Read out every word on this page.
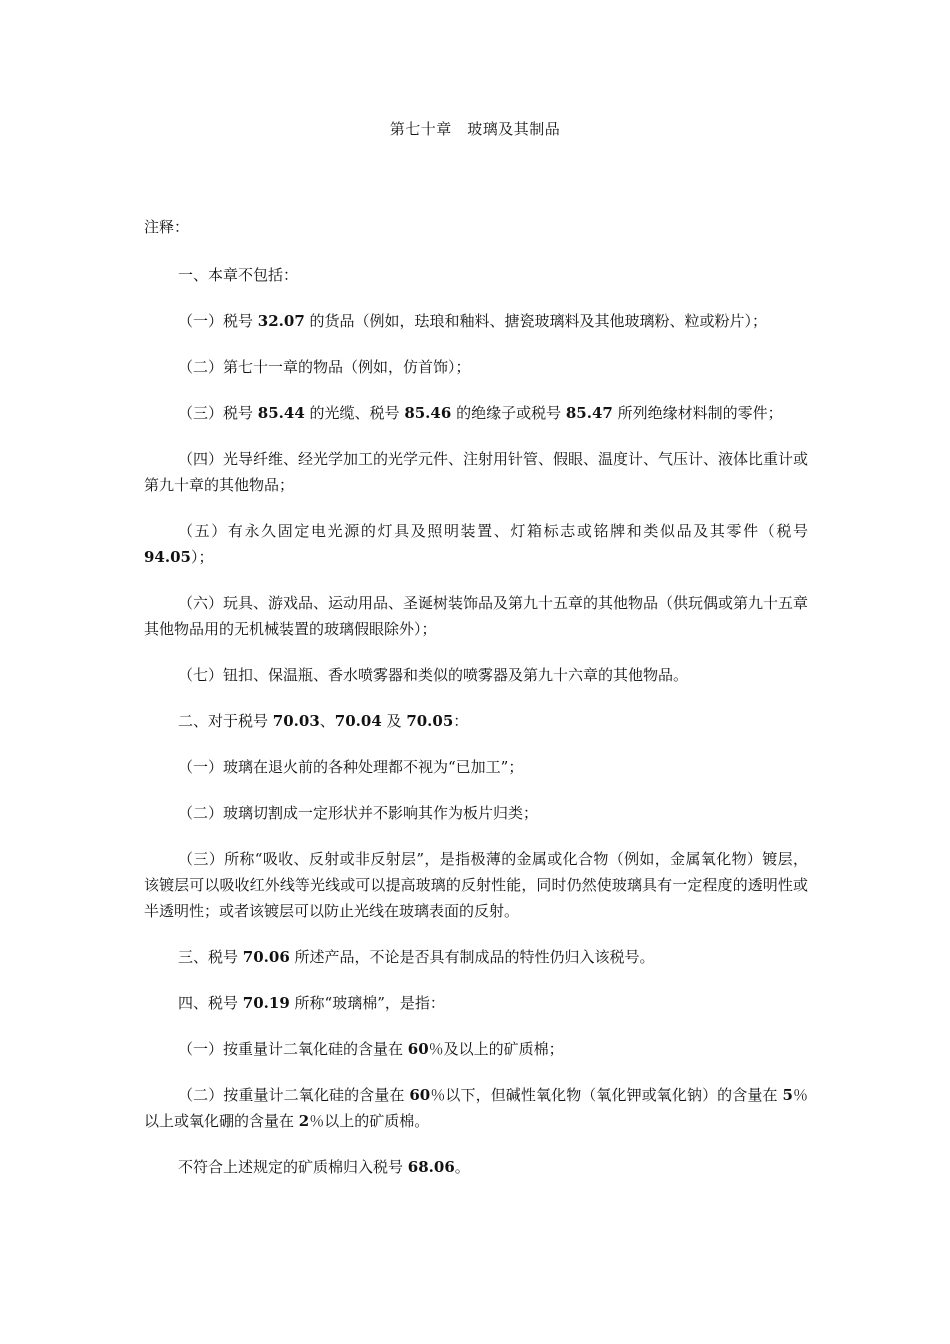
第七十章　玻璃及其制品

注释：

一、本章不包括：

（一）税号 32.07 的货品（例如，珐琅和釉料、搪瓷玻璃料及其他玻璃粉、粒或粉片）；

（二）第七十一章的物品（例如，仿首饰）；

（三）税号 85.44 的光缆、税号 85.46 的绝缘子或税号 85.47 所列绝缘材料制的零件；

（四）光导纤维、经光学加工的光学元件、注射用针管、假眼、温度计、气压计、液体比重计或第九十章的其他物品；

（五）有永久固定电光源的灯具及照明装置、灯箱标志或铭牌和类似品及其零件（税号 94.05）；

（六）玩具、游戏品、运动用品、圣诞树装饰品及第九十五章的其他物品（供玩偶或第九十五章其他物品用的无机械装置的玻璃假眼除外）；

（七）钮扣、保温瓶、香水喷雾器和类似的喷雾器及第九十六章的其他物品。

二、对于税号 70.03、70.04 及 70.05：

（一）玻璃在退火前的各种处理都不视为“已加工”；

（二）玻璃切割成一定形状并不影响其作为板片归类；

（三）所称“吸收、反射或非反射层”，是指极薄的金属或化合物（例如，金属氧化物）镀层，该镀层可以吸收红外线等光线或可以提高玻璃的反射性能，同时仍然使玻璃具有一定程度的透明性或半透明性；或者该镀层可以防止光线在玻璃表面的反射。

三、税号 70.06 所述产品，不论是否具有制成品的特性仍归入该税号。

四、税号 70.19 所称“玻璃棉”，是指：

（一）按重量计二氧化硅的含量在 60％及以上的矿质棉；

（二）按重量计二氧化硅的含量在 60％以下，但碱性氧化物（氧化钾或氧化钠）的含量在 5％以上或氧化硼的含量在 2％以上的矿质棉。

不符合上述规定的矿质棉归入税号 68.06。
